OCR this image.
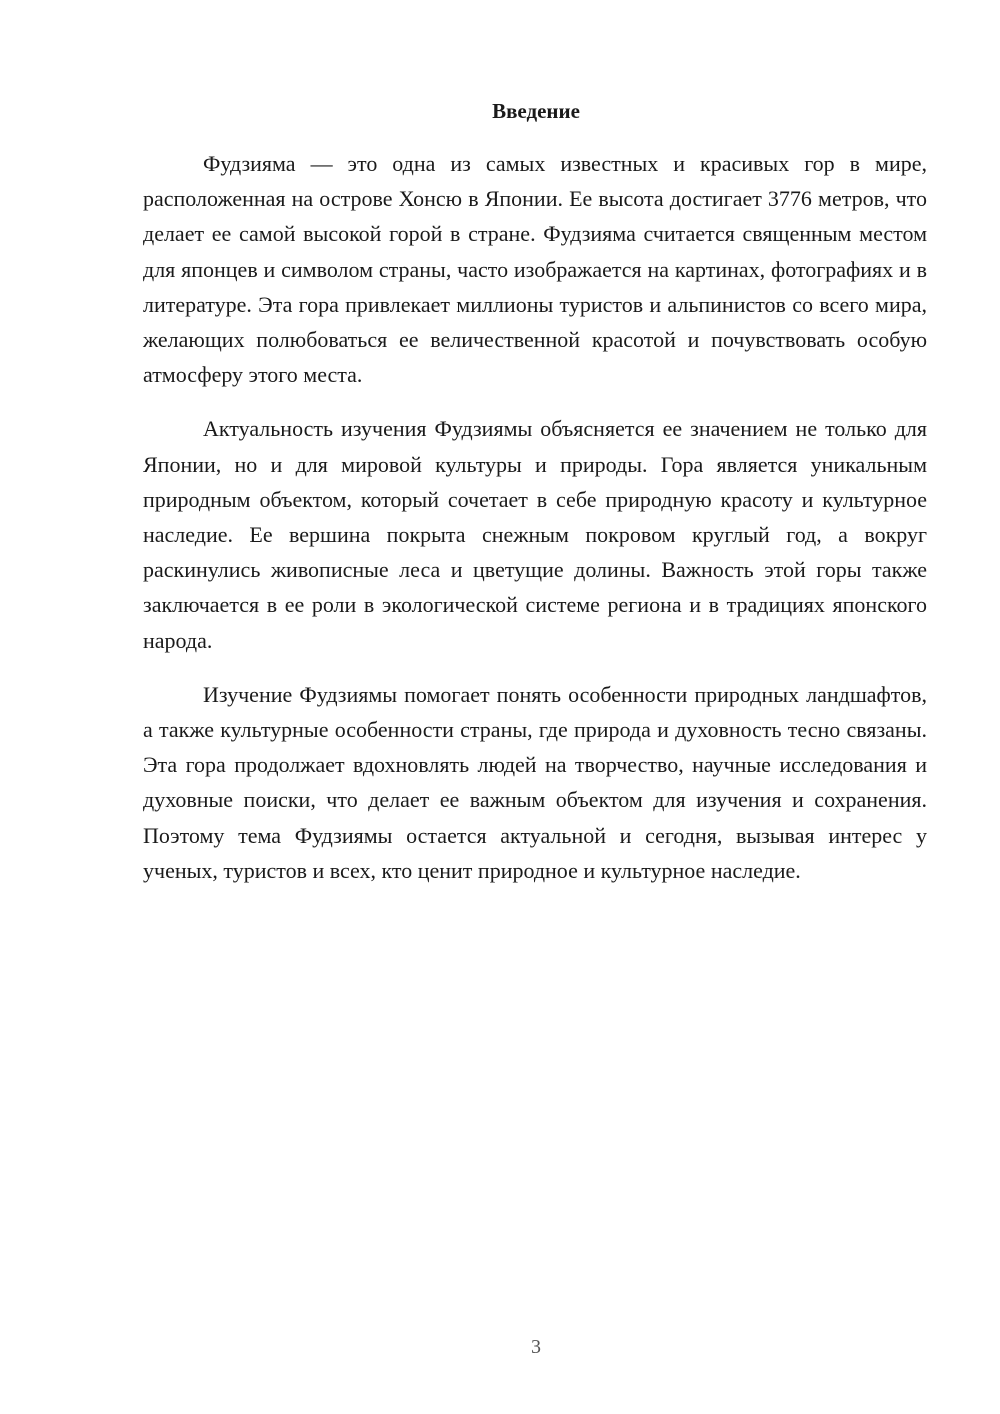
Введение

Фудзияма — это одна из самых известных и красивых гор в мире, расположенная на острове Хонсю в Японии. Ее высота достигает 3776 метров, что делает ее самой высокой горой в стране. Фудзияма считается священным местом для японцев и символом страны, часто изображается на картинах, фотографиях и в литературе. Эта гора привлекает миллионы туристов и альпинистов со всего мира, желающих полюбоваться ее величественной красотой и почувствовать особую атмосферу этого места.

Актуальность изучения Фудзиямы объясняется ее значением не только для Японии, но и для мировой культуры и природы. Гора является уникальным природным объектом, который сочетает в себе природную красоту и культурное наследие. Ее вершина покрыта снежным покровом круглый год, а вокруг раскинулись живописные леса и цветущие долины. Важность этой горы также заключается в ее роли в экологической системе региона и в традициях японского народа.

Изучение Фудзиямы помогает понять особенности природных ландшафтов, а также культурные особенности страны, где природа и духовность тесно связаны. Эта гора продолжает вдохновлять людей на творчество, научные исследования и духовные поиски, что делает ее важным объектом для изучения и сохранения. Поэтому тема Фудзиямы остается актуальной и сегодня, вызывая интерес у ученых, туристов и всех, кто ценит природное и культурное наследие.

3
